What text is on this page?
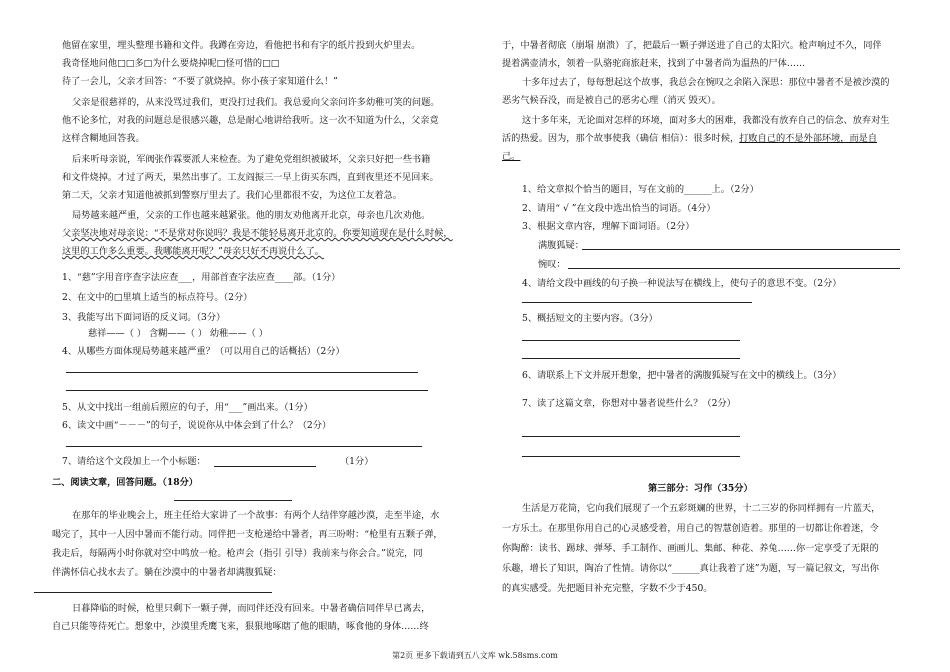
他留在家里，埋头整理书籍和文件。我蹲在旁边，看他把书和有字的纸片投到火炉里去。
我奇怪地问他□□多□为什么要烧掉呢□怪可惜的□□
待了一会儿，父亲才回答：“不要了就烧掉。你小孩子家知道什么！”
父亲是很慈祥的，从来没骂过我们，更没打过我们。我总爱向父亲问许多幼稚可笑的问题。
他不论多忙，对我的问题总是很感兴趣，总是耐心地讲给我听。这一次不知道为什么，父亲竟
这样含糊地回答我。
后来听母亲说，军阀张作霖要派人来检查。为了避免党组织被破坏，父亲只好把一些书籍
和文件烧掉。才过了两天，果然出事了。工友阎振三一早上街买东西，直到夜里还不见回来。
第二天，父亲才知道他被抓到警察厅里去了。我们心里都很不安，为这位工友着急。
局势越来越严重，父亲的工作也越来越紧张。他的朋友劝他离开北京，母亲也几次劝他。
父亲坚决地对母亲说：“不是常对你说吗？我是不能轻易离开北京的。你要知道现在是什么时候，
这里的工作多么重要。我哪能离开呢？”母亲只好不再说什么了。
1、“慈”字用音序查字法应查___，用部首查字法应查____部。（1分）
2、在文中的□里填上适当的标点符号。（2分）
3、我能写出下面词语的反义词。（3分）
慈祥——（ ） 含糊——（ ） 幼稚——（ ）
4、从哪些方面体现局势越来越严重？（可以用自己的话概括）（2分）
5、从文中找出一组前后照应的句子，用“___”画出来。（1分）
6、读文中画“－－－”的句子，说说你从中体会到了什么？（2分）
7、请给这个文段加上一个小标题：	（1分）
二、阅读文章，回答问题。（18分）
在那年的毕业晚会上，班主任给大家讲了一个故事：有两个人结伴穿越沙漠，走至半途，水
喝完了，其中一人因中暑而不能行动。同伴把一支枪递给中暑者，再三吩咐：“枪里有五颗子弹，
我走后，每隔两小时你就对空中鸣放一枪。枪声会（指引 引导）我前来与你会合。”说完，同
伴满怀信心找水去了。躺在沙漠中的中暑者却满腹狐疑：
日暮降临的时候，枪里只剩下一颗子弹，而同伴还没有回来。中暑者确信同伴早已离去，
自己只能等待死亡。想象中，沙漠里秃鹰飞来，狠狠地啄瞎了他的眼睛，啄食他的身体……终
于，中暑者彻底（崩塌 崩溃）了，把最后一颗子弹送进了自己的太阳穴。枪声响过不久，同伴
提着满壶清水，领着一队骆驼商旅赶来，找到了中暑者尚为温热的尸体……
十多年过去了，每每想起这个故事，我总会在惋叹之余陷入深思：那位中暑者不是被沙漠的
恶劣气候吞没，而是被自己的恶劣心理（消灭 毁灭）。
这十多年来，无论面对怎样的环境，面对多大的困难，我都没有放弃自己的信念、放弃对生
活的热爱。因为，那个故事使我（确信 相信）：很多时候，打败自己的不是外部环境，而是自
己。
1、给文章拟个恰当的题目，写在文前的______上。（2分）
2、请用“ √ ”在文段中选出恰当的词语。（4分）
3、根据文章内容，理解下面词语。（2分）
满腹狐疑：
惋叹：
4、请给文段中画线的句子换一种说法写在横线上，使句子的意思不变。（2分）
5、概括短文的主要内容。（3分）
6、请联系上下文并展开想象，把中暑者的满腹狐疑写在文中的横线上。（3分）
7、读了这篇文章，你想对中暑者说些什么？（2分）
第三部分：习作（35分）
生活是万花筒，它向我们展现了一个五彩斑斓的世界，十二三岁的你同样拥有一片蓝天，
一方乐土。在那里你用自己的心灵感受着，用自己的智慧创造着。那里的一切都让你着迷，令
你陶醉：读书、踢球、弹琴、手工制作、画画儿、集邮、种花、养兔……你一定享受了无限的
乐趣，增长了知识，陶冶了性情。请你以“______真让我着了迷”为题，写一篇记叙文，写出你
的真实感受。先把题目补充完整，字数不少于450。
第2页 更多下载请到五八文库 wk.58sms.com
